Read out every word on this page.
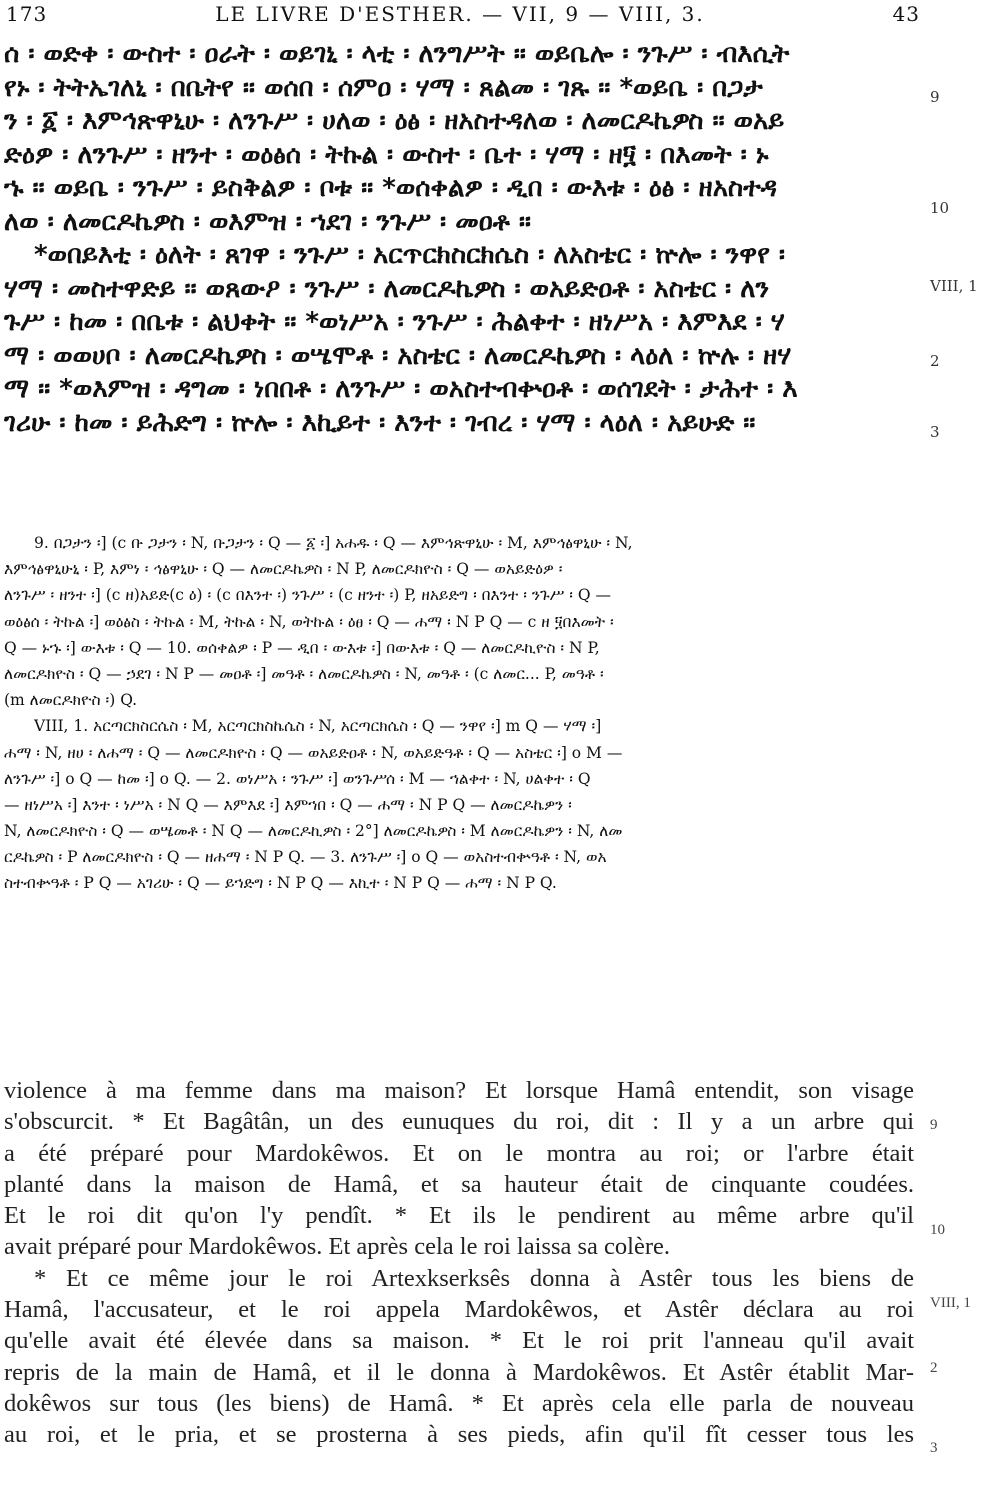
173	LE LIVRE D'ESTHER. — VII, 9 — VIII, 3.	43
ሰ ፡ ወድቀ ፡ ውስተ ፡ ዐራት ፡ ወይገኒ ፡ ላቲ ፡ ለንግሥት ። ወይቤሎ ፡ ንጉሥ ፡ ብእሲት
የኑ ፡ ትትኤገለኒ ፡ በቤትየ ። ወሰበ ፡ ሰምዐ ፡ ሃማ ፡ ጸልመ ፡ ገጹ ። *ወይቤ ፡ በጋታ
ን ፡ ፩ ፡ እምኅጽዋኒሁ ፡ ለንጉሥ ፡ ሀለወ ፡ ዕፅ ፡ ዘአስተዳለወ ፡ ለመርዶኬዎስ ። ወአይ
ድዕዎ ፡ ለንጉሥ ፡ ዘንተ ፡ ወዕፅሰ ፡ ትኩል ፡ ውስተ ፡ ቤተ ፡ ሃማ ፡ ዘ፶ ፡ በእመት ፡ ኑ
ኁ ። ወይቤ ፡ ንጉሥ ፡ ይስቅልዎ ፡ ቦቱ ። *ወሰቀልዎ ፡ ዲበ ፡ ውእቱ ፡ ዕፅ ፡ ዘአስተዳ
ለወ ፡ ለመርዶኬዎስ ፡ ወእምዝ ፡ ኀደገ ፡ ንጉሥ ፡ መዐቶ ።
*ወበይእቲ ፡ ዕለት ፡ ጸገዋ ፡ ንጉሥ ፡ አርጥርክስርክሴስ ፡ ለአስቴር ፡ ኵሎ ፡ ንዋየ ፡
ሃማ ፡ መስተዋድይ ። ወጸውዖ ፡ ንጉሥ ፡ ለመርዶኬዎስ ፡ ወአይድዐቶ ፡ አስቴር ፡ ለን
ጉሥ ፡ ከመ ፡ በቤቱ ፡ ልህቀት ። *ወነሥአ ፡ ንጉሥ ፡ ሕልቀተ ፡ ዘነሥአ ፡ እምእደ ፡ ሃ
ማ ፡ ወወሀቦ ፡ ለመርዶኬዎስ ፡ ወሤሞቶ ፡ አስቴር ፡ ለመርዶኬዎስ ፡ ላዕለ ፡ ኵሉ ፡ ዘሃ
ማ ። *ወእምዝ ፡ ዳግመ ፡ ነበበቶ ፡ ለንጉሥ ፡ ወአስተብቍዐቶ ፡ ወሰገደት ፡ ታሕተ ፡ እ
ገሪሁ ፡ ከመ ፡ ይሕድግ ፡ ኵሎ ፡ እኪይተ ፡ እንተ ፡ ገብረ ፡ ሃማ ፡ ላዕለ ፡ አይሁድ ።
9
10
VIII, 1
2
3
9. በጋታን ፡] (c ቡ ጋታን ፡ N, ቡጋታን ፡ Q — ፩ ፡] አሐዱ ፡ Q — እምኅጽዋኒሁ ፡ M, እምኅፅዋኒሁ ፡ N,
እምኅፅዋኒሁኒ ፡ P, እምነ ፡ ኅፅዋኒሁ ፡ Q — ለመርዶኬዎስ ፡ N P, ለመርዶክዮስ ፡ Q — ወአይድዕዎ ፡
ለንጉሥ ፡ ዘንተ ፡] (c ዘ)አይድ(c ዕ) ፡ (c በእንተ ፡) ንጉሥ ፡ (c ዘንተ ፡) P, ዘአይድግ ፡ በእንተ ፡ ንጉሥ ፡ Q —
ወዕፅሰ ፡ ትኩል ፡] ወዕፅስ ፡ ትኩል ፡ M, ትኩል ፡ N, ወትኩል ፡ ዕፀ ፡ Q — ሐማ ፡ N P Q — c ዘ ፶በእመት ፡
Q — ኑኁ ፡] ውእቱ ፡ Q — 10. ወሰቀልዎ ፡ P — ዲበ ፡ ውእቱ ፡] በውእቱ ፡ Q — ለመርዶኪዮስ ፡ N P,
ለመርዶክዮስ ፡ Q — ኃደገ ፡ N P — መዐቶ ፡] መዓቶ ፡ ለመርዶኬዎስ ፡ N, መዓቶ ፡ (c ለመር... P, መዓቶ ፡
(m ለመርዶክዮስ ፡) Q.
VIII, 1. አርጣርክስርሴስ ፡ M, አርጣርክስኬሴስ ፡ N, አርጣርክሴስ ፡ Q — ንዋየ ፡] m Q — ሃማ ፡]
ሐማ ፡ N, ዘሀ ፡ ለሐማ ፡ Q — ለመርዶክዮስ ፡ Q — ወአይድዐቶ ፡ N, ወአይድዓቶ ፡ Q — አስቴር ፡] o M —
ለንጉሥ ፡] o Q — ከመ ፡] o Q. — 2. ወነሥአ ፡ ንጉሥ ፡] ወንጉሥሰ ፡ M — ኀልቀተ ፡ N, ሀልቀተ ፡ Q
— ዘነሥአ ፡] እንተ ፡ ነሥአ ፡ N Q — እምእደ ፡] እምኀበ ፡ Q — ሐማ ፡ N P Q — ለመርዶኬዎን ፡
N, ለመርዶክዮስ ፡ Q — ወሤመቶ ፡ N Q — ለመርዶኪዎስ ፡ 2°] ለመርዶኬዎስ ፡ M ለመርዶኬዎን ፡ N, ለመ
ርዶኬዎስ ፡ P ለመርዶክዮስ ፡ Q — ዘሐማ ፡ N P Q. — 3. ለንጉሥ ፡] o Q — ወአስተብቍዓቶ ፡ N, ወአ
ስተብቍዓቶ ፡ P Q — አገሪሁ ፡ Q — ይኀድግ ፡ N P Q — እኪተ ፡ N P Q — ሐማ ፡ N P Q.
violence à ma femme dans ma maison? Et lorsque Hamâ entendit, son visage
s'obscurcit. * Et Bagâtân, un des eunuques du roi, dit : Il y a un arbre qui
a été préparé pour Mardokêwos. Et on le montra au roi; or l'arbre était
planté dans la maison de Hamâ, et sa hauteur était de cinquante coudées.
Et le roi dit qu'on l'y pendît. * Et ils le pendirent au même arbre qu'il
avait préparé pour Mardokêwos. Et après cela le roi laissa sa colère.
* Et ce même jour le roi Artexkserksês donna à Astêr tous les biens de
Hamâ, l'accusateur, et le roi appela Mardokêwos, et Astêr déclara au roi
qu'elle avait été élevée dans sa maison. * Et le roi prit l'anneau qu'il avait
repris de la main de Hamâ, et il le donna à Mardokêwos. Et Astêr établit Mar-
dokêwos sur tous (les biens) de Hamâ. * Et après cela elle parla de nouveau
au roi, et le pria, et se prosterna à ses pieds, afin qu'il fît cesser tous les
9
10
VIII, 1
2
3
